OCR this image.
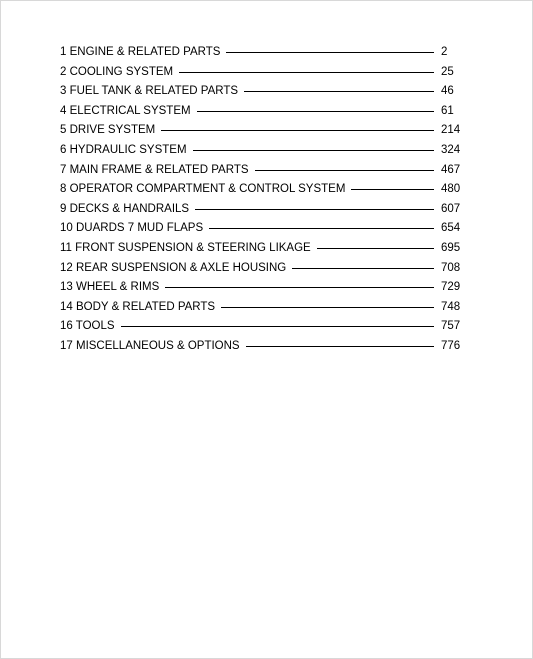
1 ENGINE & RELATED PARTS	2
2 COOLING SYSTEM	25
3 FUEL TANK & RELATED PARTS	46
4 ELECTRICAL SYSTEM	61
5 DRIVE SYSTEM	214
6 HYDRAULIC SYSTEM	324
7 MAIN FRAME & RELATED PARTS	467
8 OPERATOR COMPARTMENT & CONTROL SYSTEM	480
9 DECKS & HANDRAILS	607
10 DUARDS 7 MUD FLAPS	654
11 FRONT SUSPENSION & STEERING LIKAGE	695
12 REAR SUSPENSION & AXLE HOUSING	708
13 WHEEL & RIMS	729
14 BODY & RELATED PARTS	748
16 TOOLS	757
17 MISCELLANEOUS & OPTIONS	776
